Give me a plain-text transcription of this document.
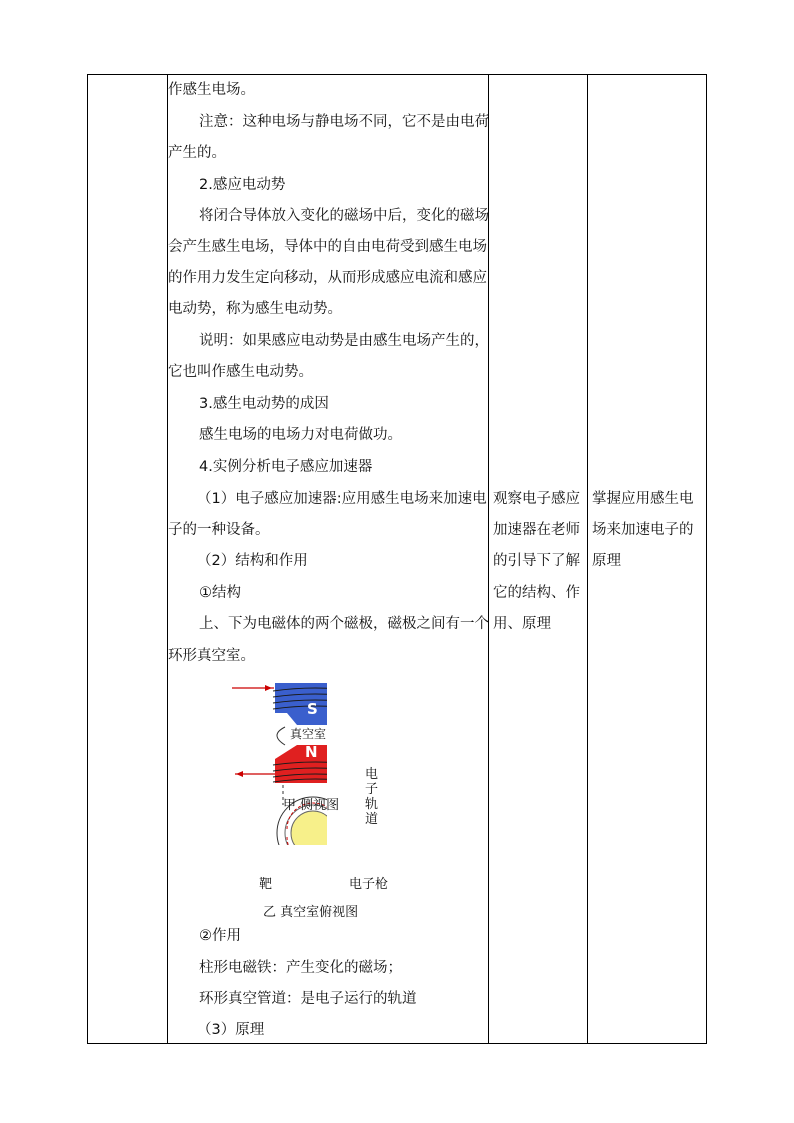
作感生电场。
注意：这种电场与静电场不同，它不是由电荷
产生的。
2.感应电动势
将闭合导体放入变化的磁场中后，变化的磁场
会产生感生电场，导体中的自由电荷受到感生电场
的作用力发生定向移动，从而形成感应电流和感应
电动势，称为感生电动势。
说明：如果感应电动势是由感生电场产生的，
它也叫作感生电动势。
3.感生电动势的成因
感生电场的电场力对电荷做功。
4.实例分析电子感应加速器
（1）电子感应加速器:应用感生电场来加速电
子的一种设备。
（2）结构和作用
①结构
上、下为电磁体的两个磁极，磁极之间有一个
环形真空室。
②作用
柱形电磁铁：产生变化的磁场；
环形真空管道：是电子运行的轨道
（3）原理
观察电子感应
加速器在老师
的引导下了解
它的结构、作
用、原理
掌握应用感生电
场来加速电子的
原理
S
真空室
N
甲 侧视图
电子轨道
靶	电子枪
乙 真空室俯视图
